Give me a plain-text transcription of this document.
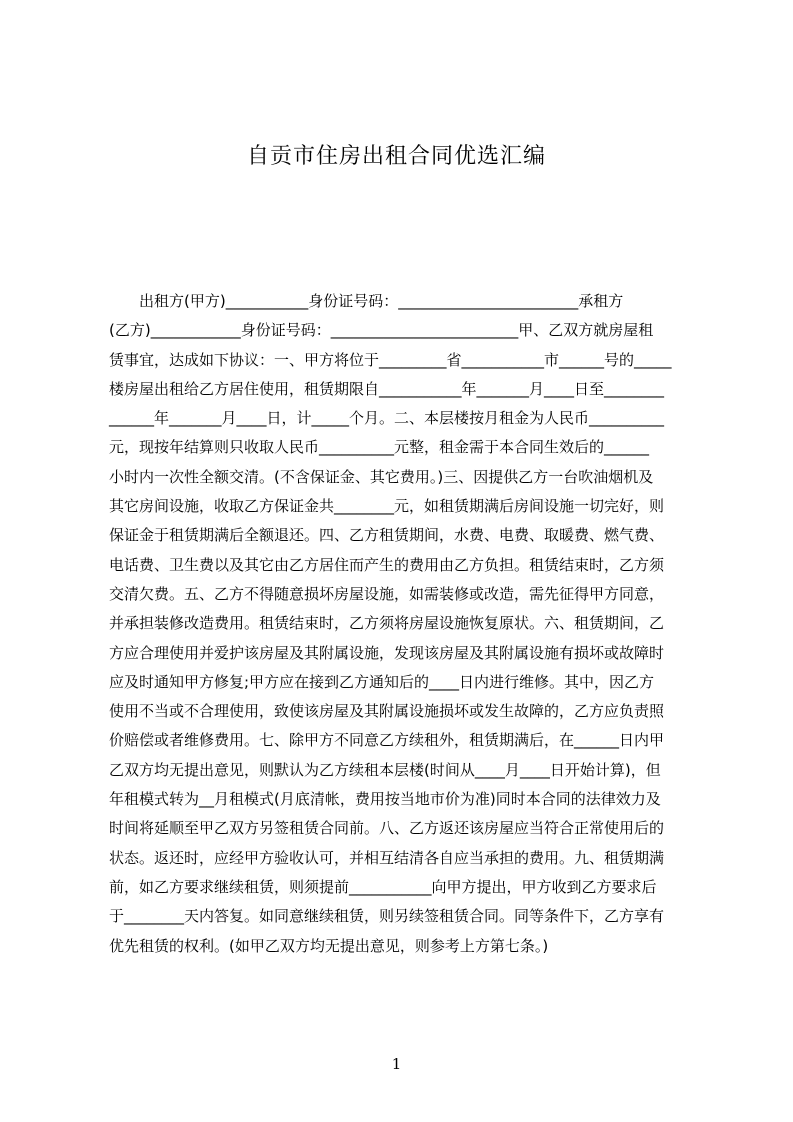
自贡市住房出租合同优选汇编
　　出租方(甲方)___________身份证号码：________________________承租方
(乙方)____________身份证号码：_________________________甲、乙双方就房屋租
赁事宜，达成如下协议：一、甲方将位于_________省___________市______号的_____
楼房屋出租给乙方居住使用，租赁期限自___________年_______月____日至________
______年_______月____日，计_____个月。二、本层楼按月租金为人民币__________
元，现按年结算则只收取人民币__________元整，租金需于本合同生效后的______
小时内一次性全额交清。(不含保证金、其它费用。)三、因提供乙方一台吹油烟机及
其它房间设施，收取乙方保证金共________元，如租赁期满后房间设施一切完好，则
保证金于租赁期满后全额退还。四、乙方租赁期间，水费、电费、取暖费、燃气费、
电话费、卫生费以及其它由乙方居住而产生的费用由乙方负担。租赁结束时，乙方须
交清欠费。五、乙方不得随意损坏房屋设施，如需装修或改造，需先征得甲方同意，
并承担装修改造费用。租赁结束时，乙方须将房屋设施恢复原状。六、租赁期间，乙
方应合理使用并爱护该房屋及其附属设施，发现该房屋及其附属设施有损坏或故障时
应及时通知甲方修复;甲方应在接到乙方通知后的____日内进行维修。其中，因乙方
使用不当或不合理使用，致使该房屋及其附属设施损坏或发生故障的，乙方应负责照
价赔偿或者维修费用。七、除甲方不同意乙方续租外，租赁期满后，在______日内甲
乙双方均无提出意见，则默认为乙方续租本层楼(时间从____月____日开始计算)，但
年租模式转为__月租模式(月底清帐，费用按当地市价为准)同时本合同的法律效力及
时间将延顺至甲乙双方另签租赁合同前。八、乙方返还该房屋应当符合正常使用后的
状态。返还时，应经甲方验收认可，并相互结清各自应当承担的费用。九、租赁期满
前，如乙方要求继续租赁，则须提前___________向甲方提出，甲方收到乙方要求后
于________天内答复。如同意继续租赁，则另续签租赁合同。同等条件下，乙方享有
优先租赁的权利。(如甲乙双方均无提出意见，则参考上方第七条。)
1
